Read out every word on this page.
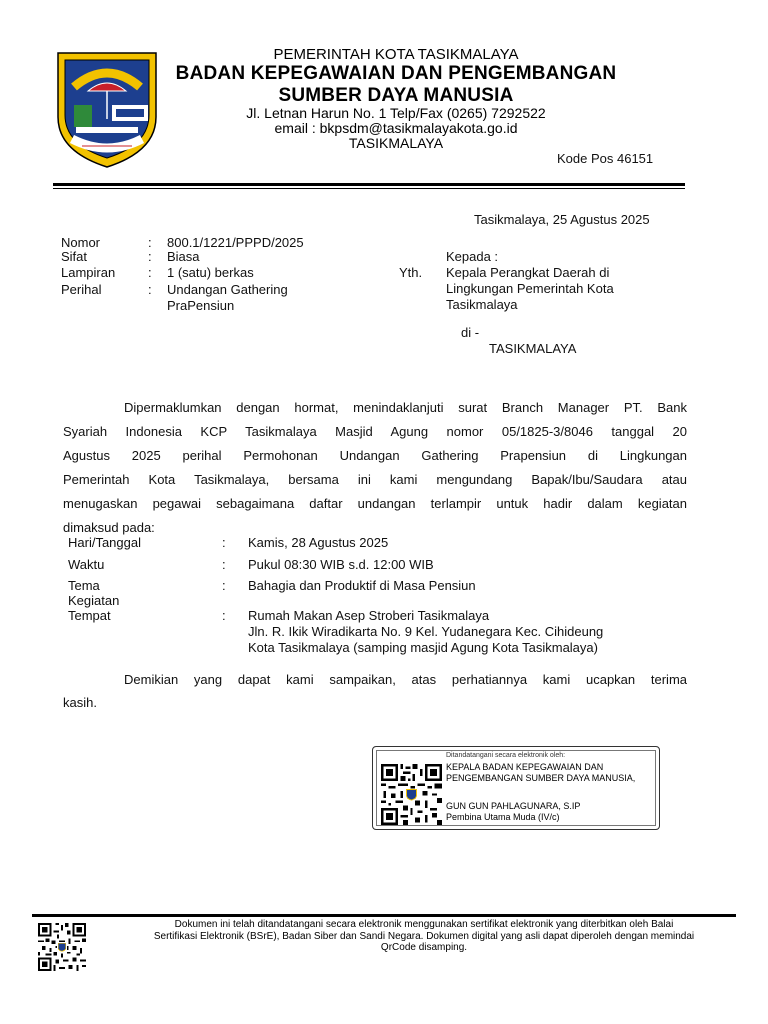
PEMERINTAH KOTA TASIKMALAYA
BADAN KEPEGAWAIAN DAN PENGEMBANGAN
SUMBER DAYA MANUSIA
Jl. Letnan Harun No. 1 Telp/Fax (0265) 7292522
email : bkpsdm@tasikmalayakota.go.id
TASIKMALAYA
Kode Pos 46151
Tasikmalaya, 25 Agustus 2025
Nomor	: 800.1/1221/PPPD/2025
Sifat	: Biasa
Lampiran	: 1 (satu) berkas
Perihal	: Undangan Gathering
PraPensiun
Kepada :
Yth. Kepala Perangkat Daerah di
Lingkungan Pemerintah Kota
Tasikmalaya
di -
TASIKMALAYA
Dipermaklumkan dengan hormat, menindaklanjuti surat Branch Manager PT. Bank
Syariah Indonesia KCP Tasikmalaya Masjid Agung nomor 05/1825-3/8046 tanggal 20
Agustus 2025 perihal Permohonan Undangan Gathering Prapensiun di Lingkungan
Pemerintah Kota Tasikmalaya, bersama ini kami mengundang Bapak/Ibu/Saudara atau
menugaskan pegawai sebagaimana daftar undangan terlampir untuk hadir dalam kegiatan
dimaksud pada:
Hari/Tanggal	: Kamis, 28 Agustus 2025
Waktu	: Pukul 08:30 WIB s.d. 12:00 WIB
Tema
Kegiatan
: Bahagia dan Produktif di Masa Pensiun
Tempat	: Rumah Makan Asep Stroberi Tasikmalaya
Jln. R. Ikik Wiradikarta No. 9 Kel. Yudanegara Kec. Cihideung
Kota Tasikmalaya (samping masjid Agung Kota Tasikmalaya)
Demikian yang dapat kami sampaikan, atas perhatiannya kami ucapkan terima
kasih.
Ditandatangani secara elektronik oleh:
KEPALA BADAN KEPEGAWAIAN DAN
PENGEMBANGAN SUMBER DAYA MANUSIA,
GUN GUN PAHLAGUNARA, S.IP
Pembina Utama Muda (IV/c)
Dokumen ini telah ditandatangani secara elektronik menggunakan sertifikat elektronik yang diterbitkan oleh Balai
Sertifikasi Elektronik (BSrE), Badan Siber dan Sandi Negara. Dokumen digital yang asli dapat diperoleh dengan memindai
QrCode disamping.
